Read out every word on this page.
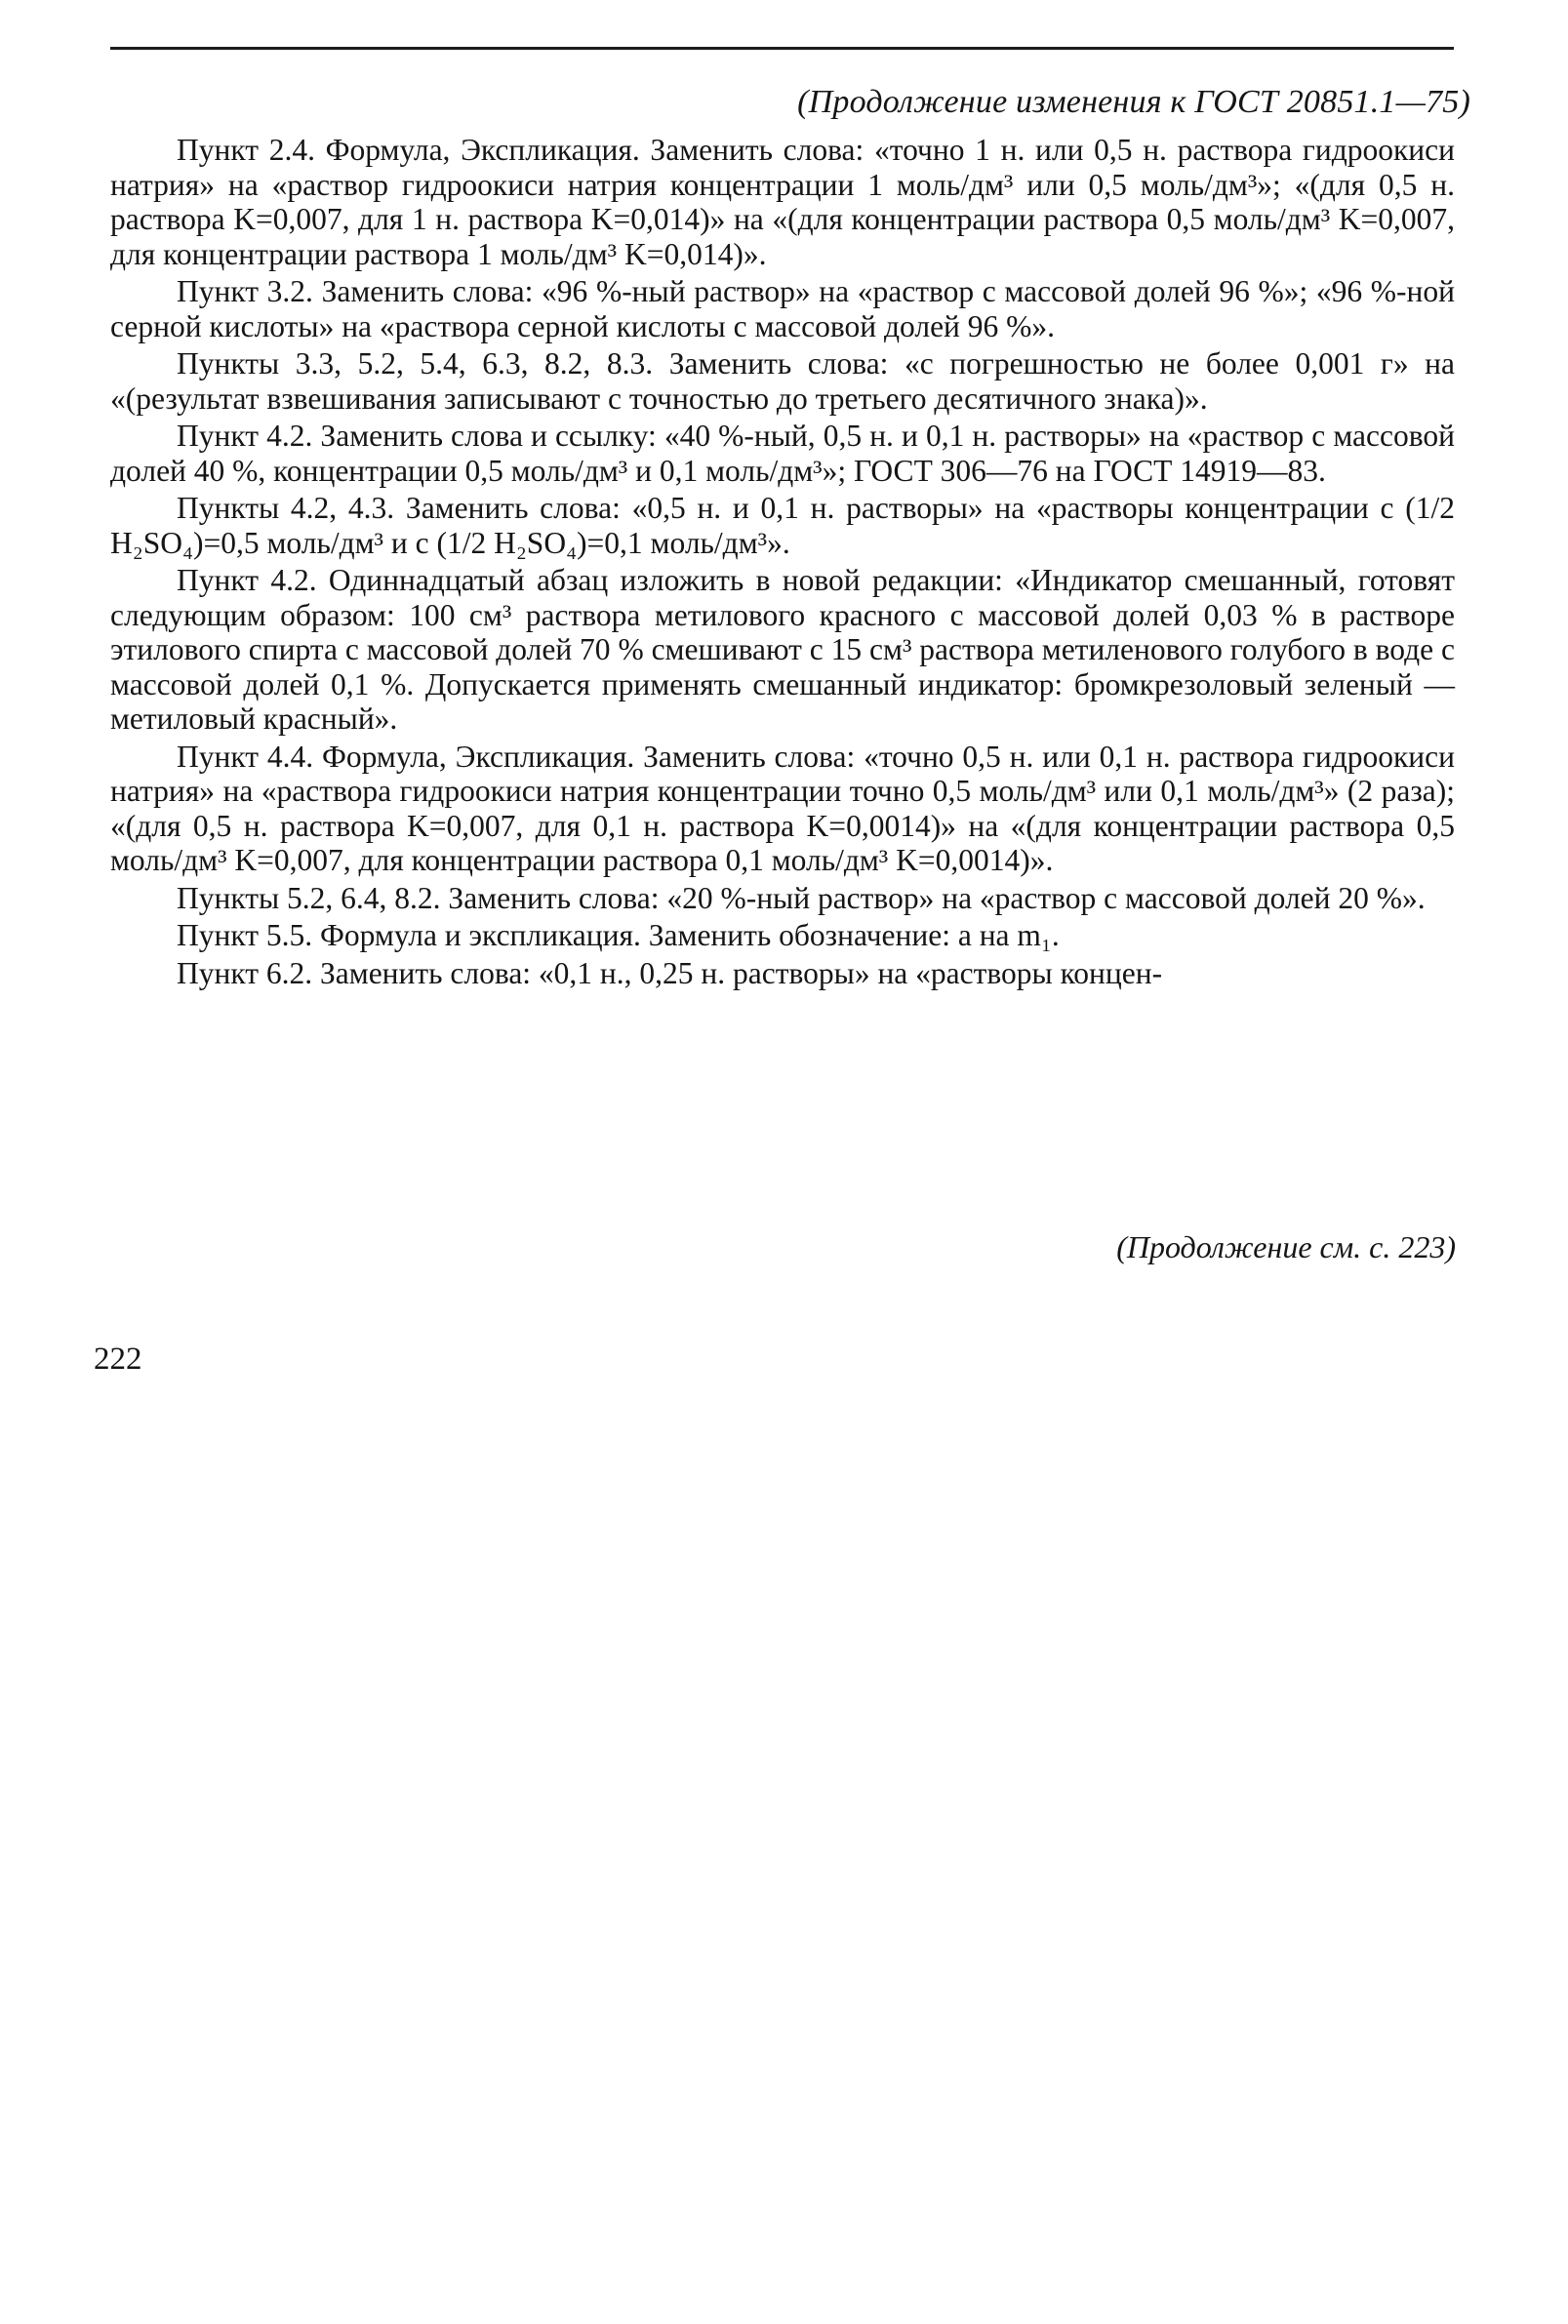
(Продолжение изменения к ГОСТ 20851.1—75)

Пункт 2.4. Формула, Экспликация. Заменить слова: «точно 1 н. или 0,5 н. раствора гидроокиси натрия» на «раствор гидроокиси натрия концентрации 1 моль/дм³ или 0,5 моль/дм³»; «(для 0,5 н. раствора K=0,007, для 1 н. раствора K=0,014)» на «(для концентрации раствора 0,5 моль/дм³ K=0,007, для концентрации раствора 1 моль/дм³ K=0,014)».

Пункт 3.2. Заменить слова: «96 %-ный раствор» на «раствор с массовой долей 96 %»; «96 %-ной серной кислоты» на «раствора серной кислоты с массовой долей 96 %».

Пункты 3.3, 5.2, 5.4, 6.3, 8.2, 8.3. Заменить слова: «с погрешностью не более 0,001 г» на «(результат взвешивания записывают с точностью до третьего десятичного знака)».

Пункт 4.2. Заменить слова и ссылку: «40 %-ный, 0,5 н. и 0,1 н. растворы» на «раствор с массовой долей 40 %, концентрации 0,5 моль/дм³ и 0,1 моль/дм³»; ГОСТ 306—76 на ГОСТ 14919—83.

Пункты 4.2, 4.3. Заменить слова: «0,5 н. и 0,1 н. растворы» на «растворы концентрации c (1/2 H₂SO₄)=0,5 моль/дм³ и c (1/2 H₂SO₄)=0,1 моль/дм³».

Пункт 4.2. Одиннадцатый абзац изложить в новой редакции: «Индикатор смешанный, готовят следующим образом: 100 см³ раствора метилового красного с массовой долей 0,03 % в растворе этилового спирта с массовой долей 70 % смешивают с 15 см³ раствора метиленового голубого в воде с массовой долей 0,1 %. Допускается применять смешанный индикатор: бромкрезоловый зеленый — метиловый красный».

Пункт 4.4. Формула, Экспликация. Заменить слова: «точно 0,5 н. или 0,1 н. раствора гидроокиси натрия» на «раствора гидроокиси натрия концентрации точно 0,5 моль/дм³ или 0,1 моль/дм³» (2 раза); «(для 0,5 н. раствора K=0,007, для 0,1 н. раствора K=0,0014)» на «(для концентрации раствора 0,5 моль/дм³ K=0,007, для концентрации раствора 0,1 моль/дм³ K=0,0014)».

Пункты 5.2, 6.4, 8.2. Заменить слова: «20 %-ный раствор» на «раствор с массовой долей 20 %».

Пункт 5.5. Формула и экспликация. Заменить обозначение: a на m₁.

Пункт 6.2. Заменить слова: «0,1 н., 0,25 н. растворы» на «растворы концен-

(Продолжение см. с. 223)
222
